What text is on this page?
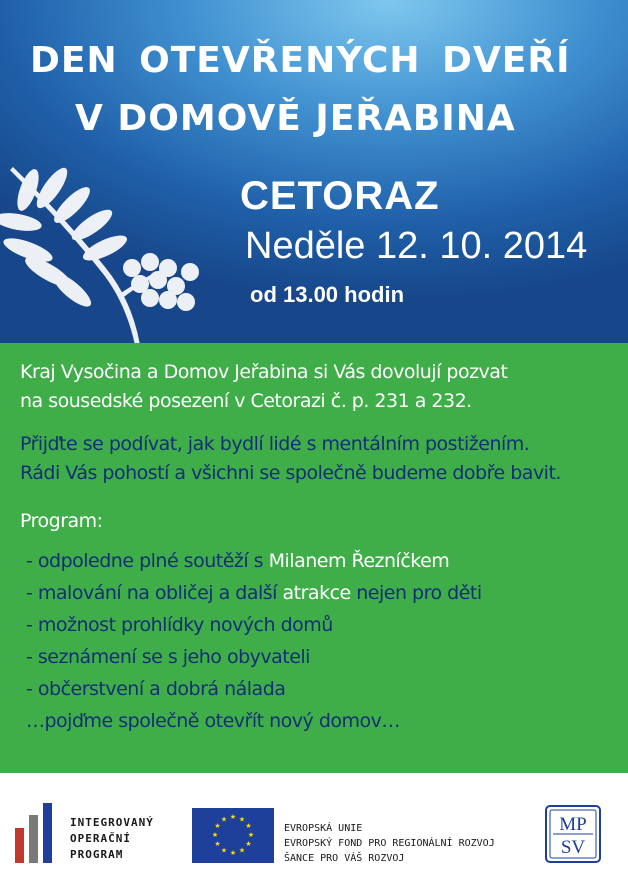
DEN OTEVŘENÝCH DVEŘÍ
V DOMOVĚ JEŘABINA
CETORAZ
Neděle 12. 10. 2014
od 13.00 hodin
Kraj Vysočina a Domov Jeřabina si Vás dovolují pozvat
na sousedské posezení v Cetorazi č. p. 231 a 232.
Přijďte se podívat, jak bydlí lidé s mentálním postižením.
Rádi Vás pohostí a všichni se společně budeme dobře bavit.
Program:
- odpoledne plné soutěží s Milanem Řezníčkem
- malování na obličej a další atrakce nejen pro děti
- možnost prohlídky nových domů
- seznámení se s jeho obyvateli
- občerstvení a dobrá nálada
…pojďme společně otevřít nový domov…
INTEGROVANÝ
OPERAČNÍ
PROGRAM
★ ★
★
★
★
★
★
★
★
★
★
★
EVROPSKÁ UNIE
EVROPSKÝ FOND PRO REGIONÁLNÍ ROZVOJ
ŠANCE PRO VÁŠ ROZVOJ
MP
SV
